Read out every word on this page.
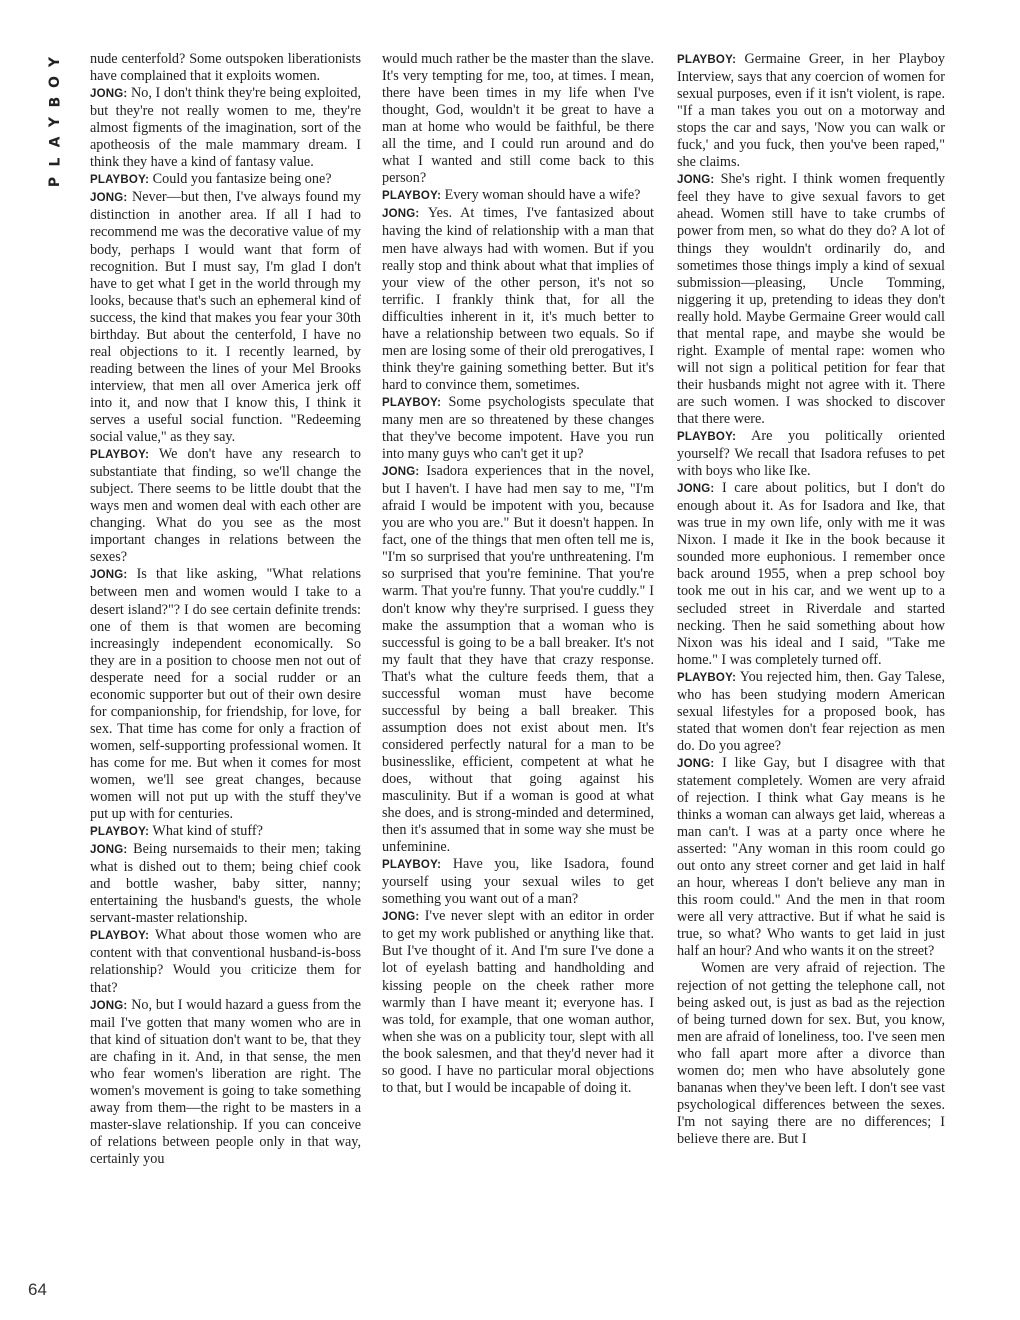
Y
O
B
Y
A
L
P
64

nude centerfold? Some outspoken liberationists have complained that it exploits women.

JONG: No, I don't think they're being exploited, but they're not really women to me, they're almost figments of the imagination, sort of the apotheosis of the male mammary dream. I think they have a kind of fantasy value.

PLAYBOY: Could you fantasize being one?

JONG: Never—but then, I've always found my distinction in another area. If all I had to recommend me was the decorative value of my body, perhaps I would want that form of recognition. But I must say, I'm glad I don't have to get what I get in the world through my looks, because that's such an ephemeral kind of success, the kind that makes you fear your 30th birthday. But about the centerfold, I have no real objections to it. I recently learned, by reading between the lines of your Mel Brooks interview, that men all over America jerk off into it, and now that I know this, I think it serves a useful social function. "Redeeming social value," as they say.

PLAYBOY: We don't have any research to substantiate that finding, so we'll change the subject. There seems to be little doubt that the ways men and women deal with each other are changing. What do you see as the most important changes in relations between the sexes?

JONG: Is that like asking, "What relations between men and women would I take to a desert island?"? I do see certain definite trends: one of them is that women are becoming increasingly independent economically. So they are in a position to choose men not out of desperate need for a social rudder or an economic supporter but out of their own desire for companionship, for friendship, for love, for sex. That time has come for only a fraction of women, self-supporting professional women. It has come for me. But when it comes for most women, we'll see great changes, because women will not put up with the stuff they've put up with for centuries.

PLAYBOY: What kind of stuff?

JONG: Being nursemaids to their men; taking what is dished out to them; being chief cook and bottle washer, baby sitter, nanny; entertaining the husband's guests, the whole servant-master relationship.

PLAYBOY: What about those women who are content with that conventional husband-is-boss relationship? Would you criticize them for that?

JONG: No, but I would hazard a guess from the mail I've gotten that many women who are in that kind of situation don't want to be, that they are chafing in it. And, in that sense, the men who fear women's liberation are right. The women's movement is going to take something away from them—the right to be masters in a master-slave relationship. If you can conceive of relations between people only in that way, certainly you

would much rather be the master than the slave. It's very tempting for me, too, at times. I mean, there have been times in my life when I've thought, God, wouldn't it be great to have a man at home who would be faithful, be there all the time, and I could run around and do what I wanted and still come back to this person?

PLAYBOY: Every woman should have a wife?

JONG: Yes. At times, I've fantasized about having the kind of relationship with a man that men have always had with women. But if you really stop and think about what that implies of your view of the other person, it's not so terrific. I frankly think that, for all the difficulties inherent in it, it's much better to have a relationship between two equals. So if men are losing some of their old prerogatives, I think they're gaining something better. But it's hard to convince them, sometimes.

PLAYBOY: Some psychologists speculate that many men are so threatened by these changes that they've become impotent. Have you run into many guys who can't get it up?

JONG: Isadora experiences that in the novel, but I haven't. I have had men say to me, "I'm afraid I would be impotent with you, because you are who you are." But it doesn't happen. In fact, one of the things that men often tell me is, "I'm so surprised that you're unthreatening. I'm so surprised that you're feminine. That you're warm. That you're funny. That you're cuddly." I don't know why they're surprised. I guess they make the assumption that a woman who is successful is going to be a ball breaker. It's not my fault that they have that crazy response. That's what the culture feeds them, that a successful woman must have become successful by being a ball breaker. This assumption does not exist about men. It's considered perfectly natural for a man to be businesslike, efficient, competent at what he does, without that going against his masculinity. But if a woman is good at what she does, and is strong-minded and determined, then it's assumed that in some way she must be unfeminine.

PLAYBOY: Have you, like Isadora, found yourself using your sexual wiles to get something you want out of a man?

JONG: I've never slept with an editor in order to get my work published or anything like that. But I've thought of it. And I'm sure I've done a lot of eyelash batting and handholding and kissing people on the cheek rather more warmly than I have meant it; everyone has. I was told, for example, that one woman author, when she was on a publicity tour, slept with all the book salesmen, and that they'd never had it so good. I have no particular moral objections to that, but I would be incapable of doing it.

PLAYBOY: Germaine Greer, in her Playboy Interview, says that any coercion of women for sexual purposes, even if it isn't violent, is rape. "If a man takes you out on a motorway and stops the car and says, 'Now you can walk or fuck,' and you fuck, then you've been raped," she claims.

JONG: She's right. I think women frequently feel they have to give sexual favors to get ahead. Women still have to take crumbs of power from men, so what do they do? A lot of things they wouldn't ordinarily do, and sometimes those things imply a kind of sexual submission—pleasing, Uncle Tomming, niggering it up, pretending to ideas they don't really hold. Maybe Germaine Greer would call that mental rape, and maybe she would be right. Example of mental rape: women who will not sign a political petition for fear that their husbands might not agree with it. There are such women. I was shocked to discover that there were.

PLAYBOY: Are you politically oriented yourself? We recall that Isadora refuses to pet with boys who like Ike.

JONG: I care about politics, but I don't do enough about it. As for Isadora and Ike, that was true in my own life, only with me it was Nixon. I made it Ike in the book because it sounded more euphonious. I remember once back around 1955, when a prep school boy took me out in his car, and we went up to a secluded street in Riverdale and started necking. Then he said something about how Nixon was his ideal and I said, "Take me home." I was completely turned off.

PLAYBOY: You rejected him, then. Gay Talese, who has been studying modern American sexual lifestyles for a proposed book, has stated that women don't fear rejection as men do. Do you agree?

JONG: I like Gay, but I disagree with that statement completely. Women are very afraid of rejection. I think what Gay means is he thinks a woman can always get laid, whereas a man can't. I was at a party once where he asserted: "Any woman in this room could go out onto any street corner and get laid in half an hour, whereas I don't believe any man in this room could." And the men in that room were all very attractive. But if what he said is true, so what? Who wants to get laid in just half an hour? And who wants it on the street?

Women are very afraid of rejection. The rejection of not getting the telephone call, not being asked out, is just as bad as the rejection of being turned down for sex. But, you know, men are afraid of loneliness, too. I've seen men who fall apart more after a divorce than women do; men who have absolutely gone bananas when they've been left. I don't see vast psychological differences between the sexes. I'm not saying there are no differences; I believe there are. But I
